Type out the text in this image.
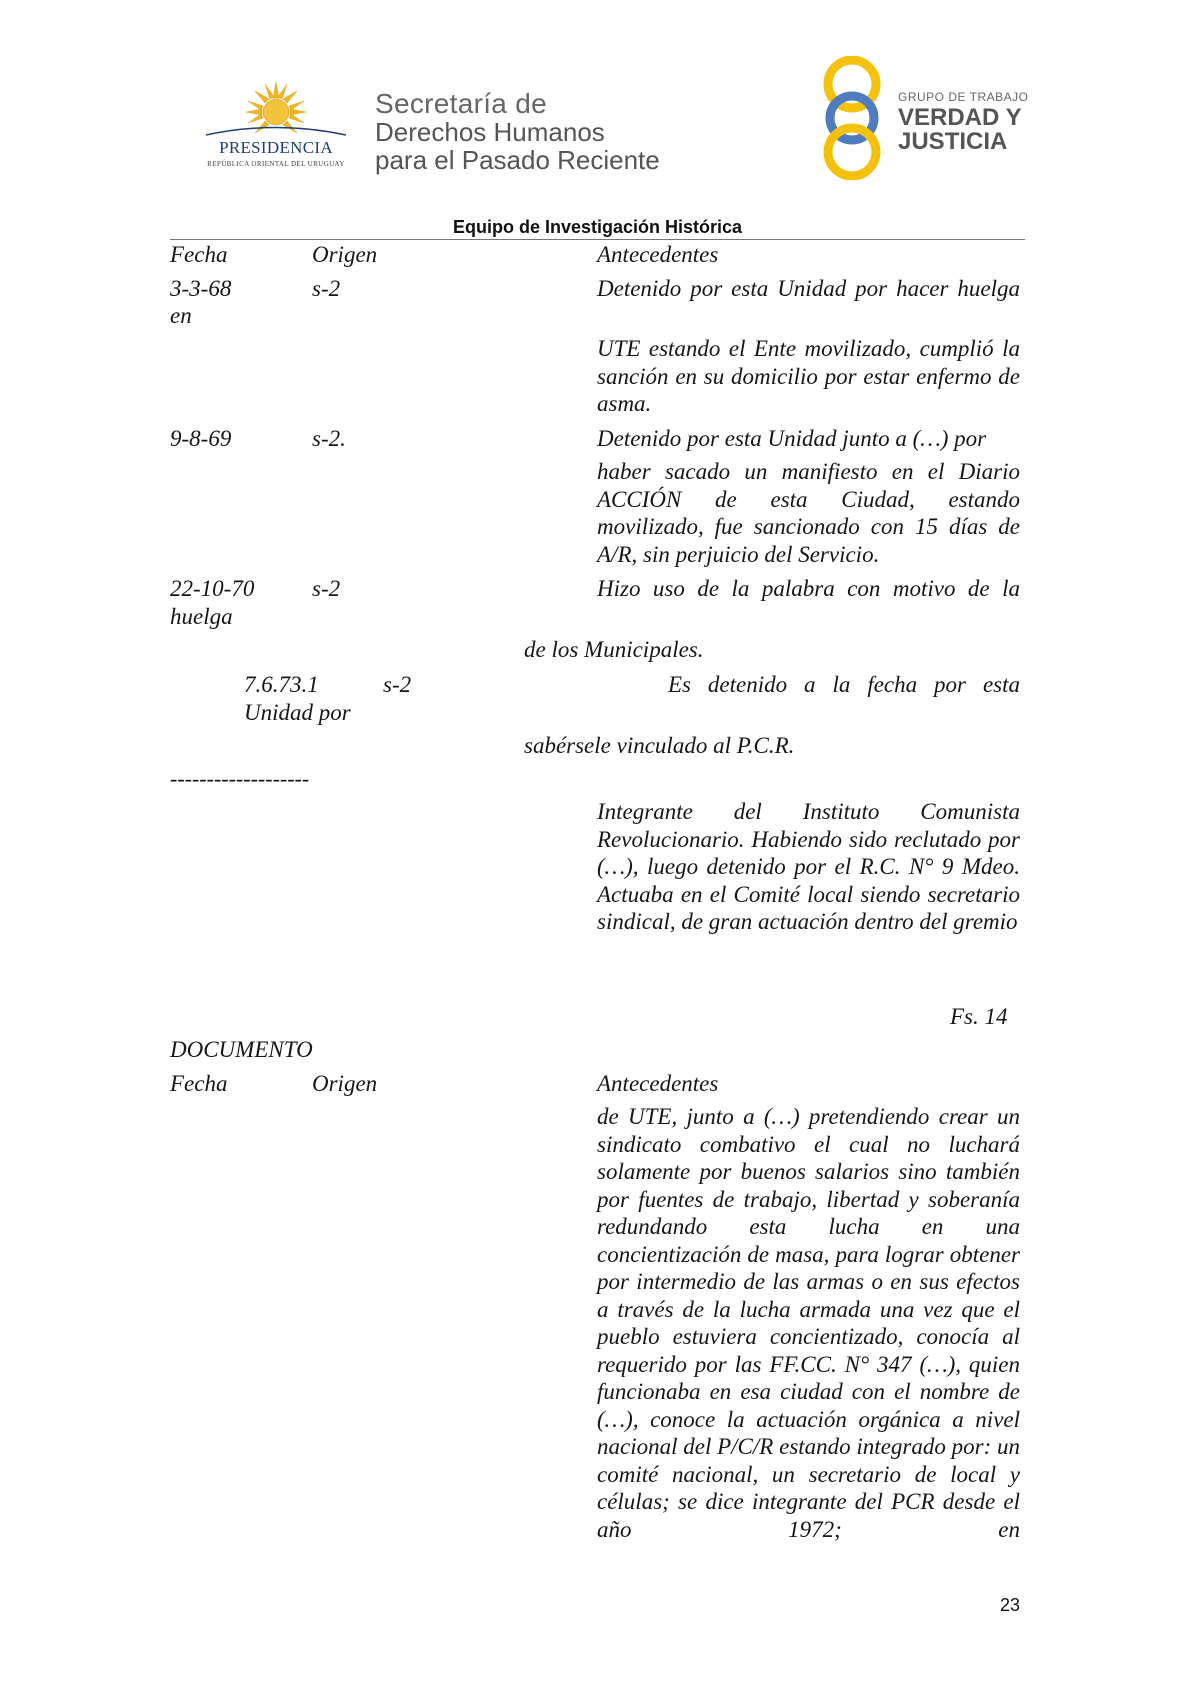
PRESIDENCIA
REPÚBLICA ORIENTAL DEL URUGUAY
Secretaría de
Derechos Humanos
para el Pasado Reciente
GRUPO DE TRABAJO
VERDAD Y
JUSTICIA
Equipo de Investigación Histórica
Fecha	Origen	Antecedentes
3-3-68	s-2	Detenido por esta Unidad por hacer huelga
en
UTE estando el Ente movilizado, cumplió la sanción en su domicilio por estar enfermo de asma.
9-8-69	s-2.	Detenido por esta Unidad junto a (…) por
haber sacado un manifiesto en el Diario ACCIÓN de esta Ciudad, estando movilizado, fue sancionado con 15 días de A/R, sin perjuicio del Servicio.
22-10-70	s-2	Hizo uso de la palabra con motivo de la
huelga
de los Municipales.
7.6.73.1	s-2	Es detenido a la fecha por esta
Unidad por
sabérsele vinculado al P.C.R.
-------------------
Integrante del Instituto Comunista Revolucionario. Habiendo sido reclutado por (…), luego detenido por el R.C. N° 9 Mdeo. Actuaba en el Comité local siendo secretario sindical, de gran actuación dentro del gremio
Fs. 14
DOCUMENTO
Fecha	Origen	Antecedentes
de UTE, junto a (…) pretendiendo crear un sindicato combativo el cual no luchará solamente por buenos salarios sino también por fuentes de trabajo, libertad y soberanía redundando esta lucha en una concientización de masa, para lograr obtener por intermedio de las armas o en sus efectos a través de la lucha armada una vez que el pueblo estuviera concientizado, conocía al requerido por las FF.CC. N° 347 (…), quien funcionaba en esa ciudad con el nombre de (…), conoce la actuación orgánica a nivel nacional del P/C/R estando integrado por: un comité nacional, un secretario de local y células; se dice integrante del PCR desde el año 1972; en
23
